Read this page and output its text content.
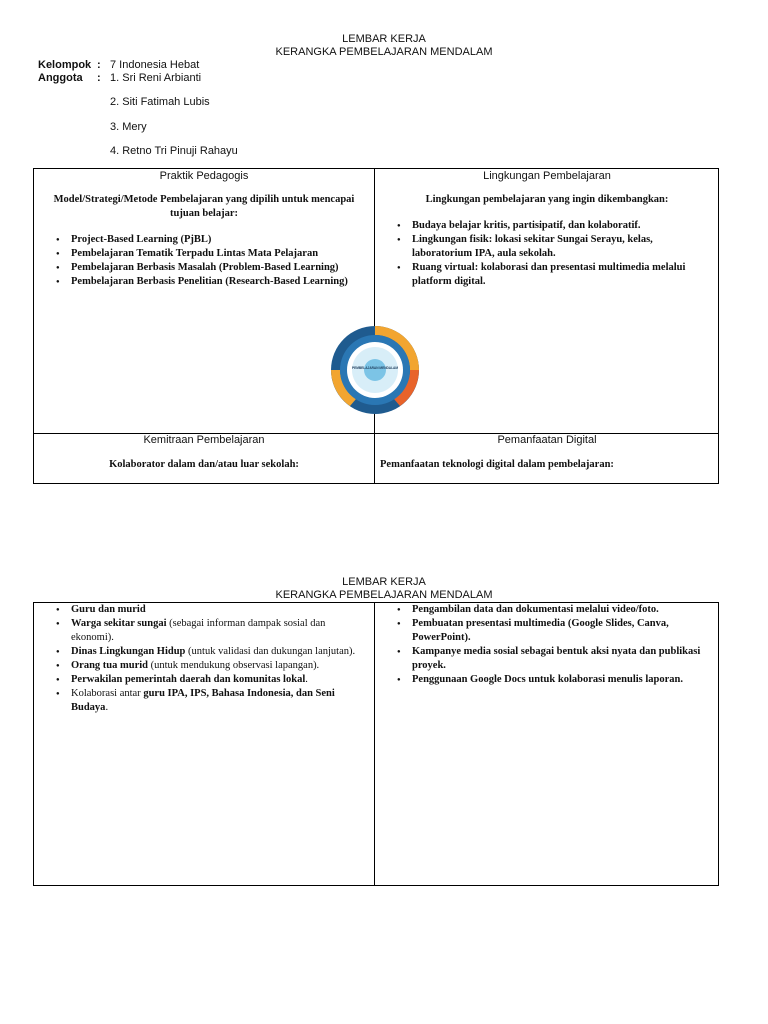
LEMBAR KERJA
KERANGKA PEMBELAJARAN MENDALAM
Kelompok : 7 Indonesia Hebat
Anggota : 1. Sri Reni Arbianti
2. Siti Fatimah Lubis
3. Mery
4. Retno Tri Pinuji Rahayu
Praktik Pedagogis
Model/Strategi/Metode Pembelajaran yang dipilih untuk mencapai tujuan belajar:
● Project-Based Learning (PjBL)
● Pembelajaran Tematik Terpadu Lintas Mata Pelajaran
● Pembelajaran Berbasis Masalah (Problem-Based Learning)
● Pembelajaran Berbasis Penelitian (Research-Based Learning)
PEMBELAJARAN MENDALAM
Lingkungan Pembelajaran
Lingkungan pembelajaran yang ingin dikembangkan:
● Budaya belajar kritis, partisipatif, dan kolaboratif.
● Lingkungan fisik: lokasi sekitar Sungai Serayu, kelas, laboratorium IPA, aula sekolah.
● Ruang virtual: kolaborasi dan presentasi multimedia melalui platform digital.
Kemitraan Pembelajaran
Kolaborator dalam dan/atau luar sekolah:
Pemanfaatan Digital
Pemanfaatan teknologi digital dalam pembelajaran:
LEMBAR KERJA
KERANGKA PEMBELAJARAN MENDALAM
● Guru dan murid
● Warga sekitar sungai (sebagai informan dampak sosial dan ekonomi).
● Dinas Lingkungan Hidup (untuk validasi dan dukungan lanjutan).
● Orang tua murid (untuk mendukung observasi lapangan).
● Perwakilan pemerintah daerah dan komunitas lokal.
● Kolaborasi antar guru IPA, IPS, Bahasa Indonesia, dan Seni Budaya.
● Pengambilan data dan dokumentasi melalui video/foto.
● Pembuatan presentasi multimedia (Google Slides, Canva, PowerPoint).
● Kampanye media sosial sebagai bentuk aksi nyata dan publikasi proyek.
● Penggunaan Google Docs untuk kolaborasi menulis laporan.
